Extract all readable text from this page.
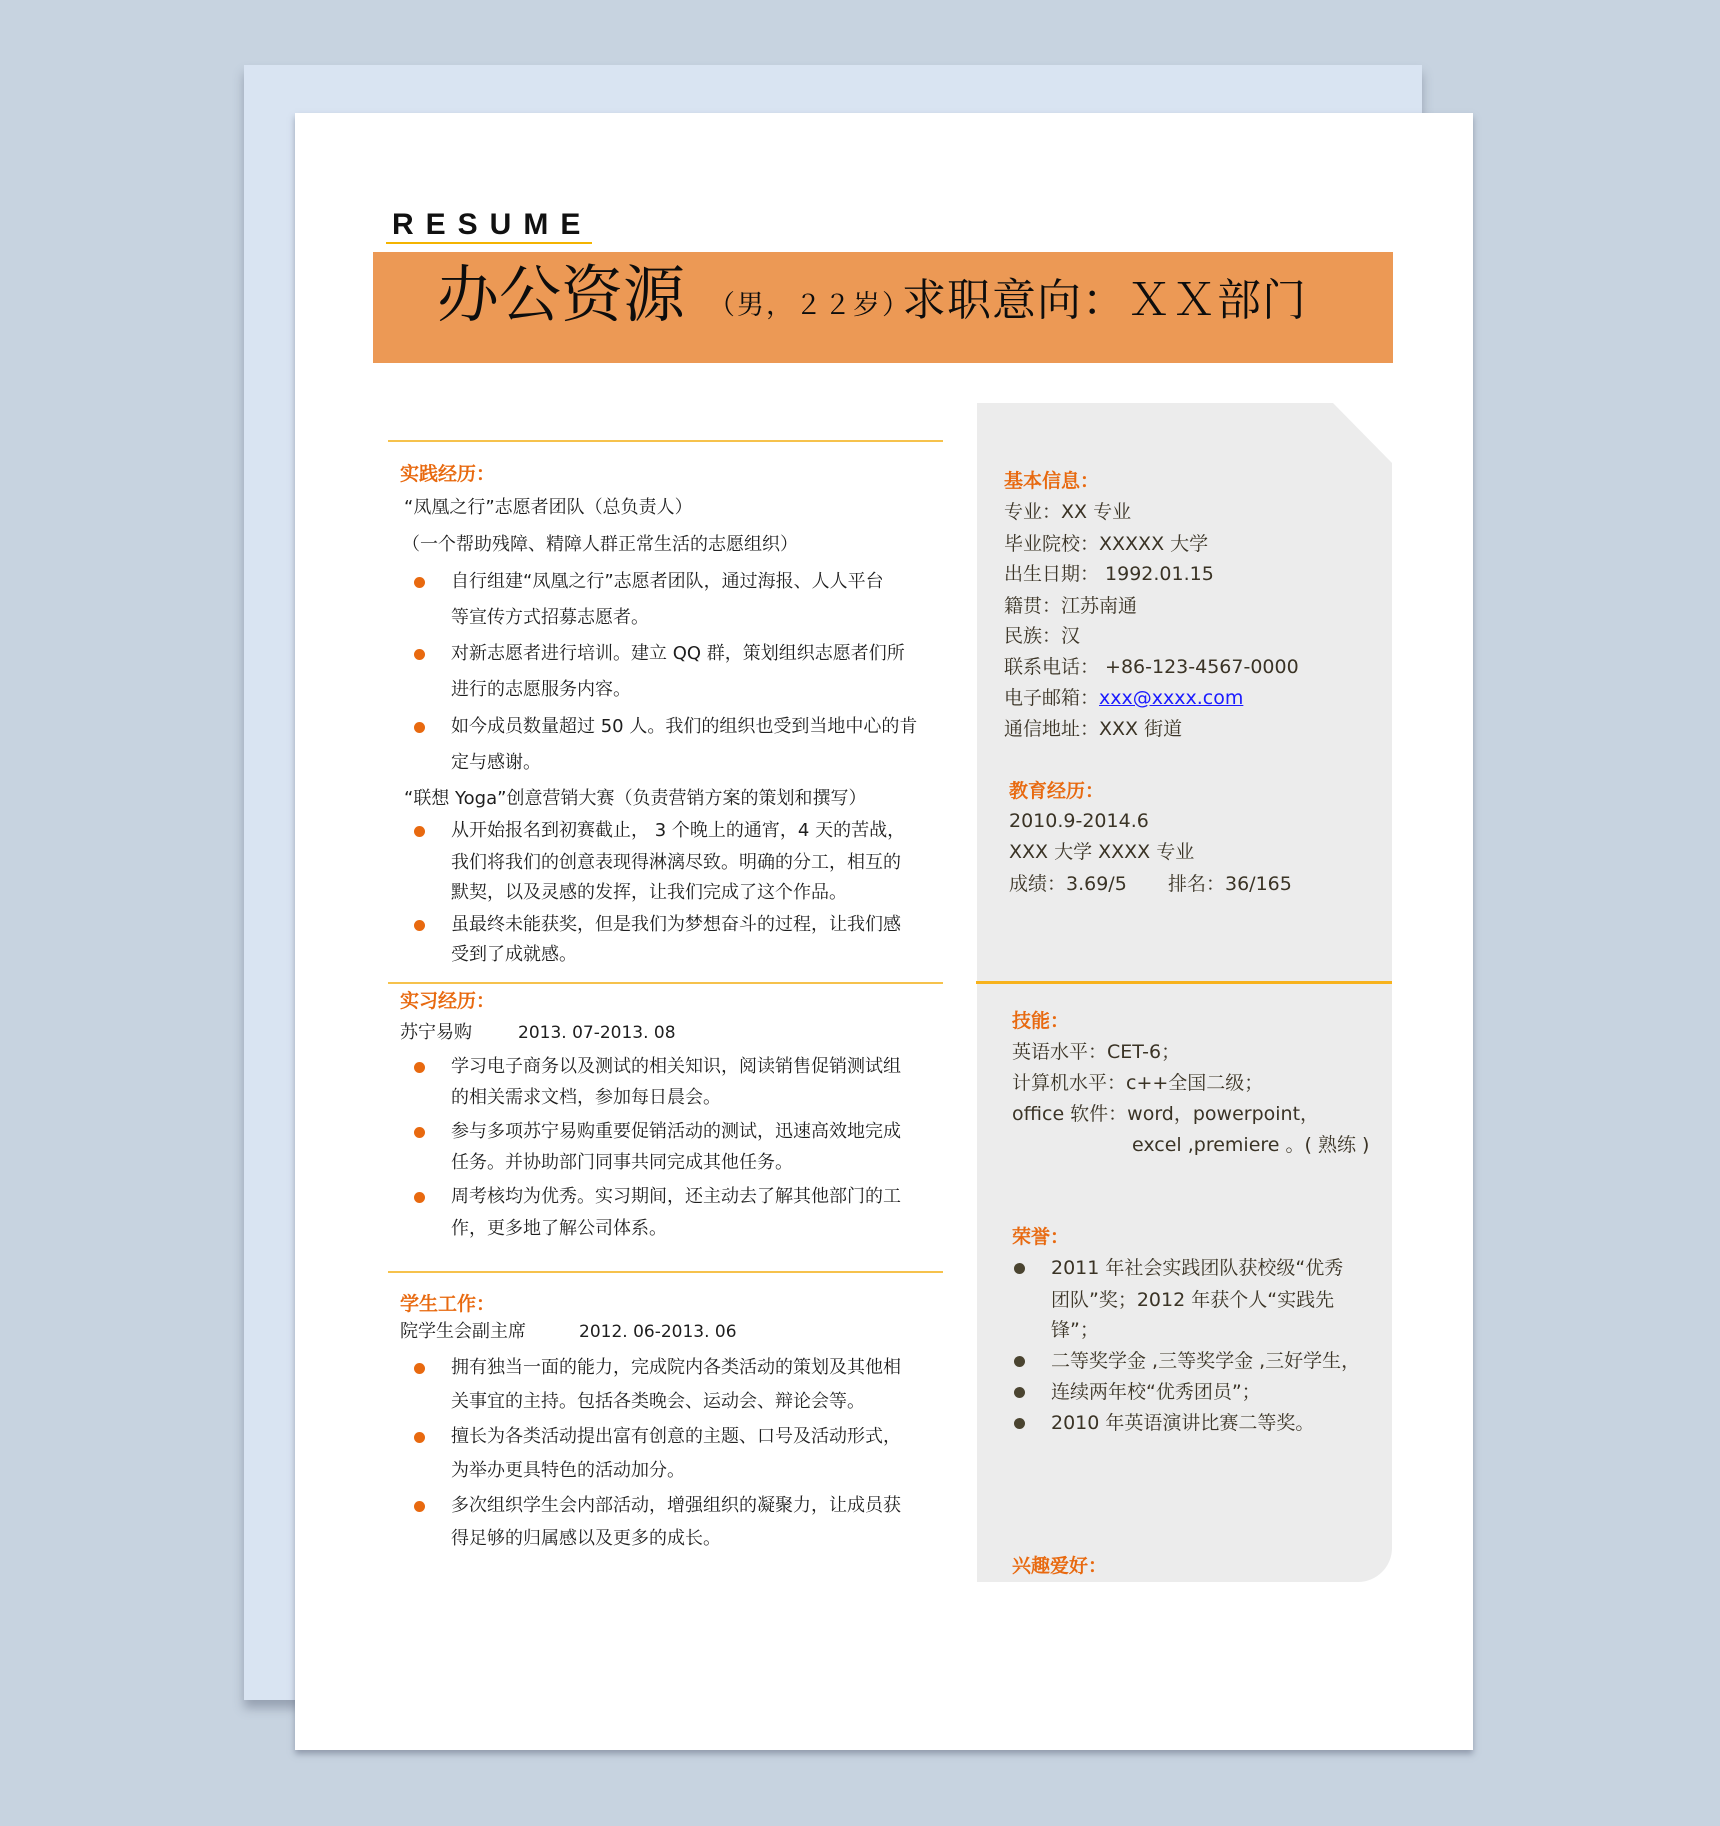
RESUME
办公资源 （男，２２岁）
求职意向：ＸＸ部门
实践经历：
“凤凰之行”志愿者团队（总负责人）
（一个帮助残障、精障人群正常生活的志愿组织）
自行组建“凤凰之行”志愿者团队，通过海报、人人平台
等宣传方式招募志愿者。
对新志愿者进行培训。建立 QQ 群，策划组织志愿者们所
进行的志愿服务内容。
如今成员数量超过 50 人。我们的组织也受到当地中心的肯
定与感谢。
“联想 Yoga”创意营销大赛（负责营销方案的策划和撰写）
从开始报名到初赛截止， 3 个晚上的通宵，4 天的苦战，
我们将我们的创意表现得淋漓尽致。明确的分工，相互的
默契，以及灵感的发挥，让我们完成了这个作品。
虽最终未能获奖，但是我们为梦想奋斗的过程，让我们感
受到了成就感。
实习经历：
苏宁易购	2013. 07-2013. 08
学习电子商务以及测试的相关知识，阅读销售促销测试组
的相关需求文档，参加每日晨会。
参与多项苏宁易购重要促销活动的测试，迅速高效地完成
任务。并协助部门同事共同完成其他任务。
周考核均为优秀。实习期间，还主动去了解其他部门的工
作，更多地了解公司体系。
学生工作：
院学生会副主席	2012. 06-2013. 06
拥有独当一面的能力，完成院内各类活动的策划及其他相
关事宜的主持。包括各类晚会、运动会、辩论会等。
擅长为各类活动提出富有创意的主题、口号及活动形式，
为举办更具特色的活动加分。
多次组织学生会内部活动，增强组织的凝聚力，让成员获
得足够的归属感以及更多的成长。
基本信息：
专业：XX 专业
毕业院校：XXXXX 大学
出生日期： 1992.01.15
籍贯：江苏南通
民族：汉
联系电话： +86-123-4567-0000
电子邮箱：xxx@xxxx.com
通信地址：XXX 街道
教育经历：
2010.9-2014.6
XXX 大学 XXXX 专业
成绩：3.69/5 排名：36/165
技能：
英语水平：CET-6；
计算机水平：c++全国二级；
office 软件：word，powerpoint，
excel ,premiere 。( 熟练 )
荣誉：
2011 年社会实践团队获校级“优秀
团队”奖；2012 年获个人“实践先
锋”；
二等奖学金 ,三等奖学金 ,三好学生，
连续两年校“优秀团员”；
2010 年英语演讲比赛二等奖。
兴趣爱好：
